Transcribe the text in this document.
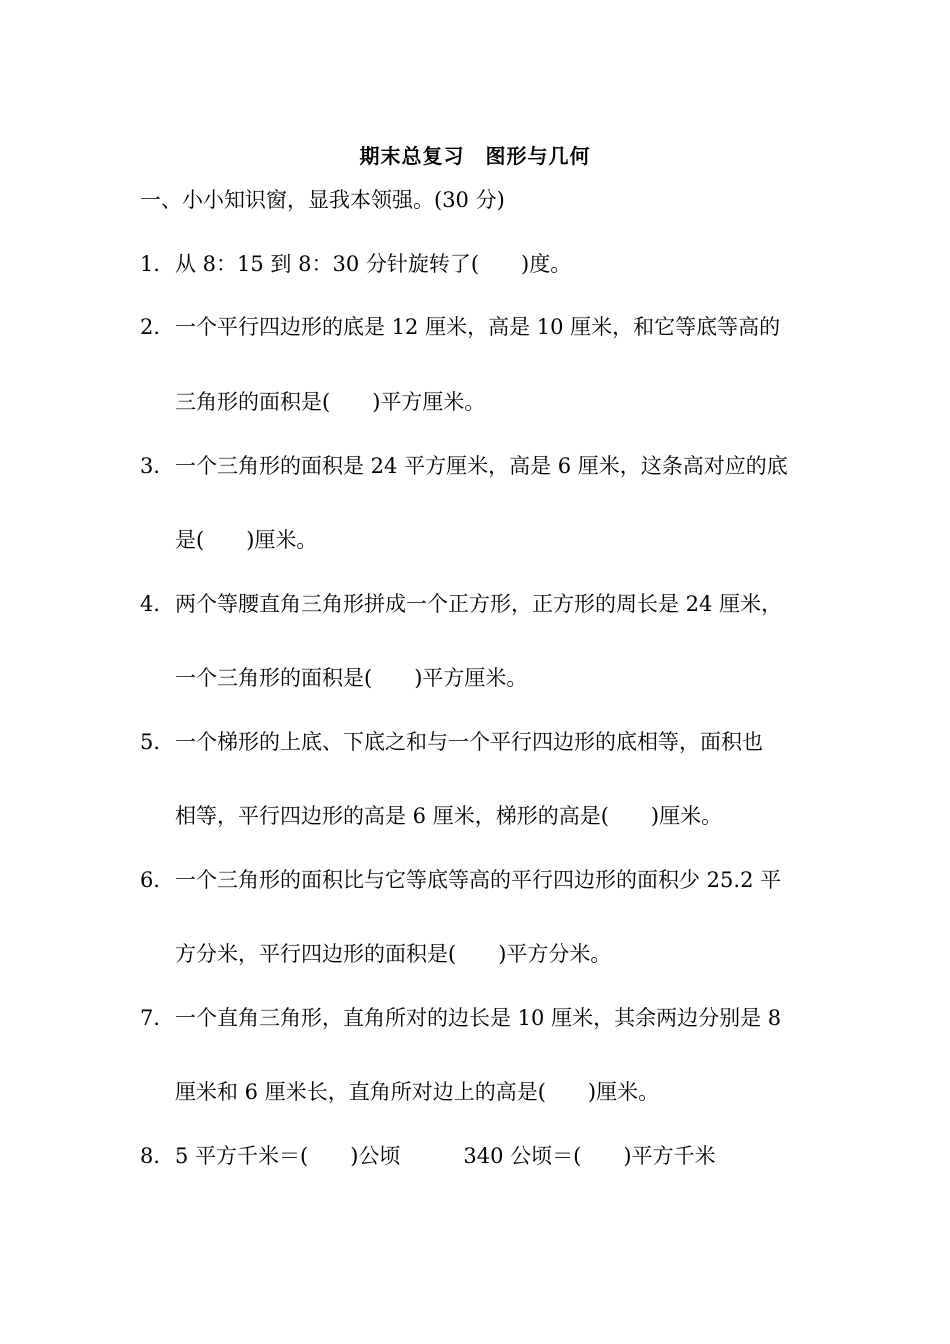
期末总复习　图形与几何
一、小小知识窗，显我本领强。(30 分)
1． 从 8：15 到 8：30 分针旋转了(　　)度。
2． 一个平行四边形的底是 12 厘米，高是 10 厘米，和它等底等高的
三角形的面积是(　　)平方厘米。
3． 一个三角形的面积是 24 平方厘米，高是 6 厘米，这条高对应的底
是(　　)厘米。
4． 两个等腰直角三角形拼成一个正方形，正方形的周长是 24 厘米，
一个三角形的面积是(　　)平方厘米。
5． 一个梯形的上底、下底之和与一个平行四边形的底相等，面积也
相等，平行四边形的高是 6 厘米，梯形的高是(　　)厘米。
6． 一个三角形的面积比与它等底等高的平行四边形的面积少 25.2 平
方分米，平行四边形的面积是(　　)平方分米。
7． 一个直角三角形，直角所对的边长是 10 厘米，其余两边分别是 8
厘米和 6 厘米长，直角所对边上的高是(　　)厘米。
8． 5 平方千米＝(　　)公顷　　　340 公顷＝(　　)平方千米
